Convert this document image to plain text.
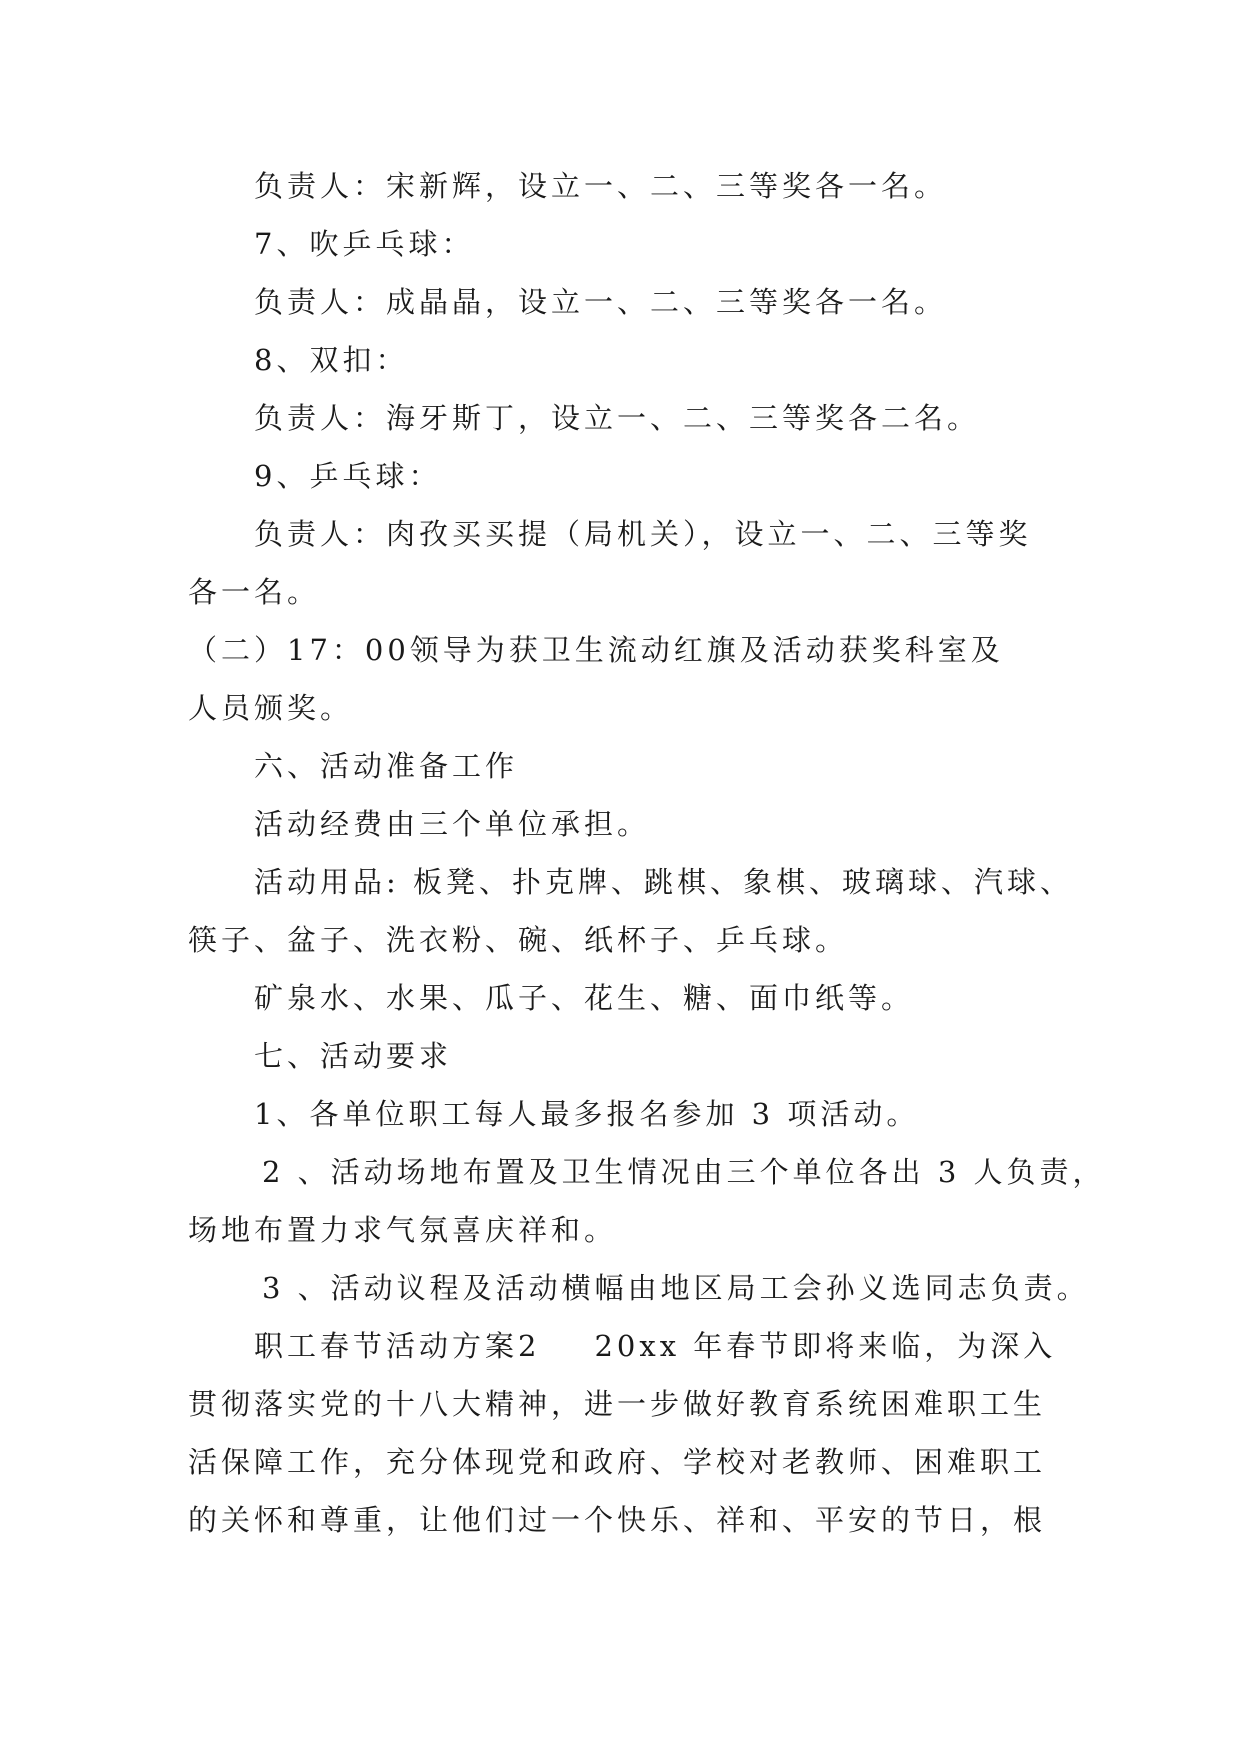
负责人：宋新辉，设立一、二、三等奖各一名。
7、吹乒乓球：
负责人：成晶晶，设立一、二、三等奖各一名。
8、双扣：
负责人：海牙斯丁，设立一、二、三等奖各二名。
9、乒乓球：
负责人：肉孜买买提（局机关），设立一、二、三等奖
各一名。
（二）17：00领导为获卫生流动红旗及活动获奖科室及
人员颁奖。
六、活动准备工作
活动经费由三个单位承担。
活动用品: 板凳、扑克牌、跳棋、象棋、玻璃球、汽球、
筷子、盆子、洗衣粉、碗、纸杯子、乒乓球。
矿泉水、水果、瓜子、花生、糖、面巾纸等。
七、活动要求
1、各单位职工每人最多报名参加 3 项活动。
2 、活动场地布置及卫生情况由三个单位各出 3 人负责，
场地布置力求气氛喜庆祥和。
3 、活动议程及活动横幅由地区局工会孙义选同志负责。
职工春节活动方案2 20xx 年春节即将来临，为深入
贯彻落实党的十八大精神，进一步做好教育系统困难职工生
活保障工作，充分体现党和政府、学校对老教师、困难职工
的关怀和尊重，让他们过一个快乐、祥和、平安的节日，根
